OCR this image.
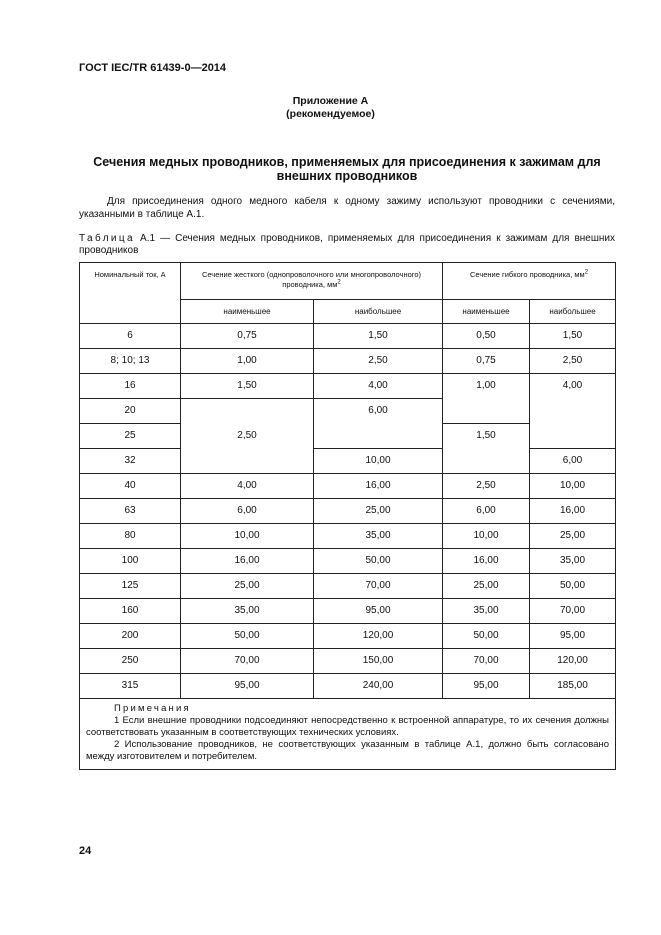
ГОСТ IEC/TR 61439-0—2014
Приложение А
(рекомендуемое)
Сечения медных проводников, применяемых для присоединения к зажимам для внешних проводников
Для присоединения одного медного кабеля к одному зажиму используют проводники с сечениями, указанными в таблице А.1.
Таблица А.1 — Сечения медных проводников, применяемых для присоединения к зажимам для внешних проводников
Номинальный ток, А	Сечение жесткого (однопроволочного или многопроволочного) проводника, $мм^2$		Сечение гибкого проводника, $мм^2$
	наименьшее	наибольшее	наименьшее	наибольшее
6	0,75	1,50	0,50	1,50
8; 10; 13	1,00	2,50	0,75	2,50
16	1,50	4,00	1,00	4,00
20	2,50	6,00		
25			1,50	
32		10,00		6,00
40	4,00	16,00	2,50	10,00
63	6,00	25,00	6,00	16,00
80	10,00	35,00	10,00	25,00
100	16,00	50,00	16,00	35,00
125	25,00	70,00	25,00	50,00
160	35,00	95,00	35,00	70,00
200	50,00	120,00	50,00	95,00
250	70,00	150,00	70,00	120,00
315	95,00	240,00	95,00	185,00

Примечания

1 Если внешние проводники подсоединяют непосредственно к встроенной аппаратуре, то их сечения должны соответствовать указанным в соответствующих технических условиях.

2 Использование проводников, не соответствующих указанным в таблице А.1, должно быть согласовано между изготовителем и потребителем.				

24
